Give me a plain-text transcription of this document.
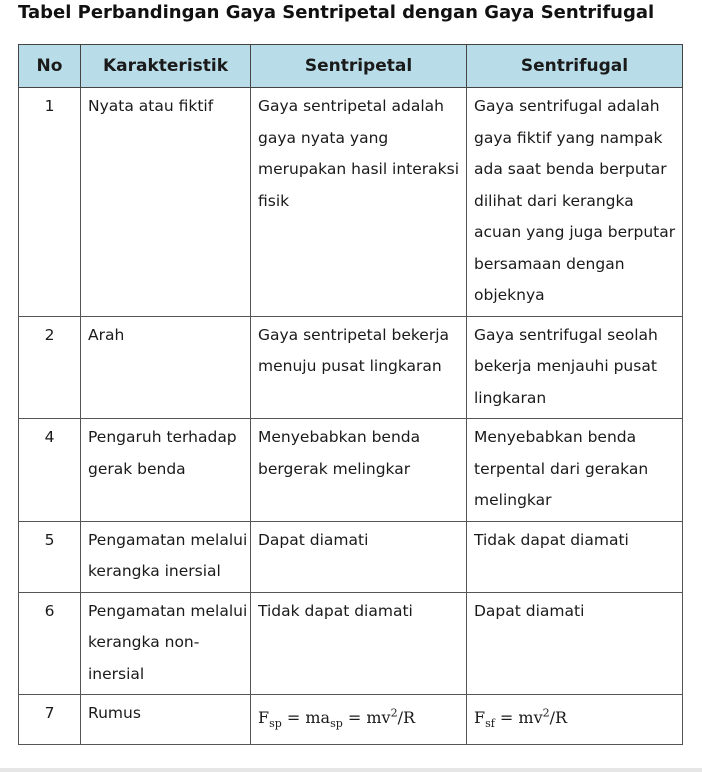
Tabel Perbandingan Gaya Sentripetal dengan Gaya Sentrifugal
No	Karakteristik	Sentripetal	Sentrifugal
1	Nyata atau fiktif	Gaya sentripetal adalah gaya nyata yang merupakan hasil interaksi fisik	Gaya sentrifugal adalah gaya fiktif yang nampak ada saat benda berputar dilihat dari kerangka acuan yang juga berputar bersamaan dengan objeknya
2	Arah	Gaya sentripetal bekerja menuju pusat lingkaran	Gaya sentrifugal seolah bekerja menjauhi pusat lingkaran
4	Pengaruh terhadap gerak benda	Menyebabkan benda bergerak melingkar	Menyebabkan benda terpental dari gerakan melingkar
5	Pengamatan melalui kerangka inersial	Dapat diamati	Tidak dapat diamati
6	Pengamatan melalui kerangka non-inersial	Tidak dapat diamati	Dapat diamati
7	Rumus	$F_{sp} = ma_{sp} = mv^2/R$	$F_{sf} = mv^2/R$
